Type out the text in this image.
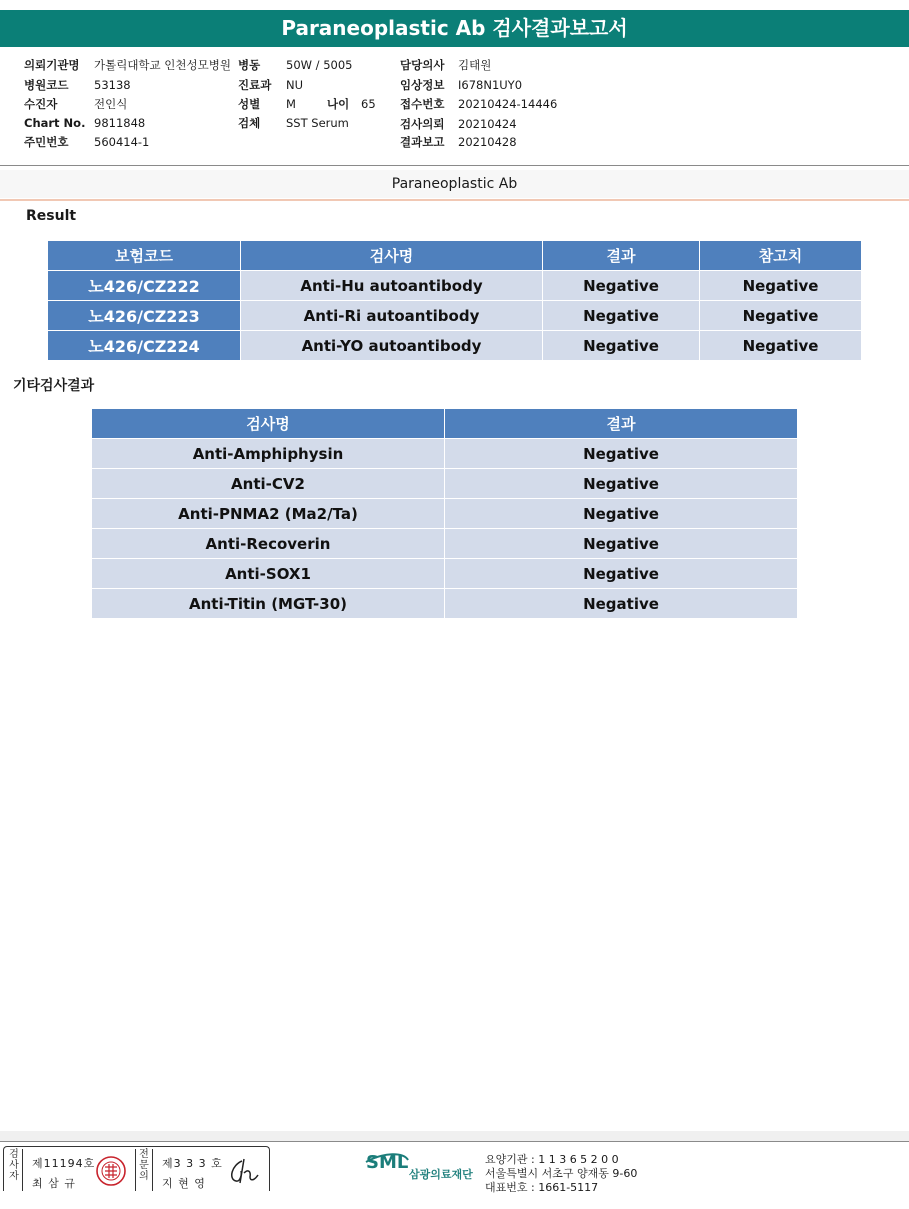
Paraneoplastic Ab 검사결과보고서
의뢰기관명 가톨릭대학교 인천성모병원 병동 50W / 5005	담당의사 김태원
병원코드 53138	진료과 NU	임상정보 I678N1UY0
수진자	전인식	성별 M	나이 65 접수번호 20210424-14446
Chart No. 9811848	검체 SST Serum	검사의뢰 20210424
주민번호 560414-1	결과보고 20210428
Paraneoplastic Ab
Result
보험코드	검사명	결과	참고치
노426/CZ222	Anti-Hu autoantibody	Negative	Negative
노426/CZ223	Anti-Ri autoantibody	Negative	Negative
노426/CZ224	Anti-YO autoantibody	Negative	Negative
기타검사결과
검사명	결과
Anti-Amphiphysin	Negative
Anti-CV2	Negative
Anti-PNMA2 (Ma2/Ta)	Negative
Anti-Recoverin	Negative
Anti-SOX1	Negative
Anti-Titin (MGT-30)	Negative
검사자
제11194호
최 삼 규
전문의
제3 3 3 호
지 현 영
SML
삼광의료재단
요양기관 : 1 1 3 6 5 2 0 0
서울특별시 서초구 양재동 9-60
대표번호 : 1661-5117
